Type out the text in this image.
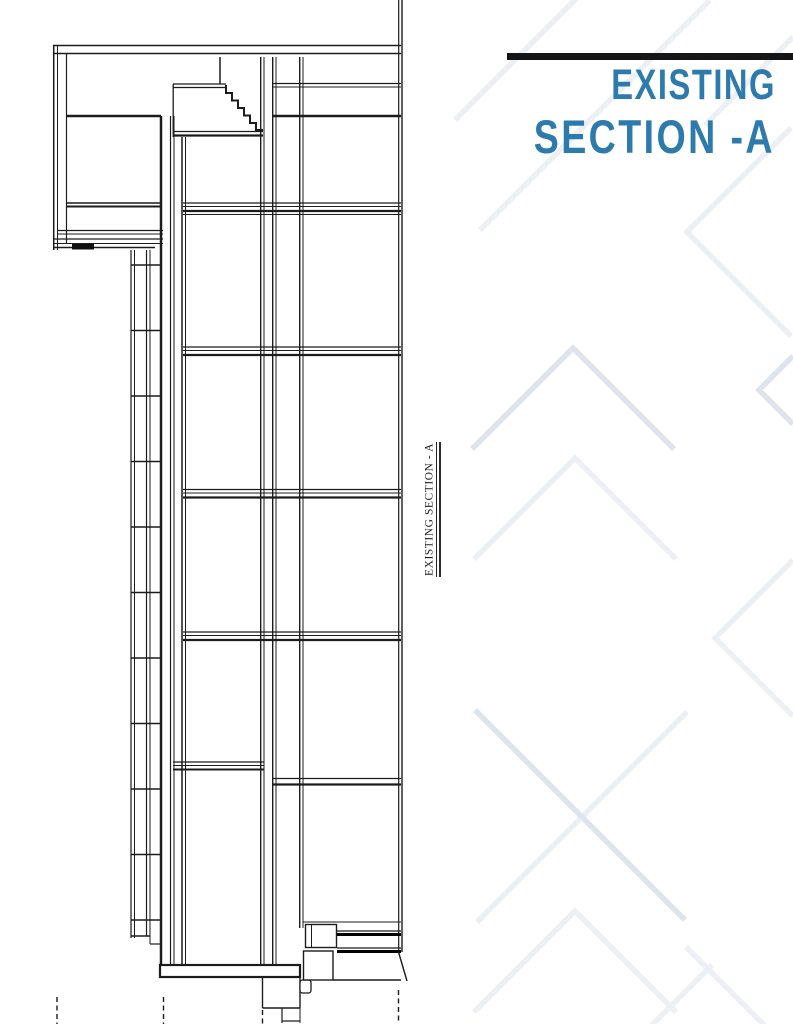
EXISTING
SECTION -A
EXISTING SECTION - A
